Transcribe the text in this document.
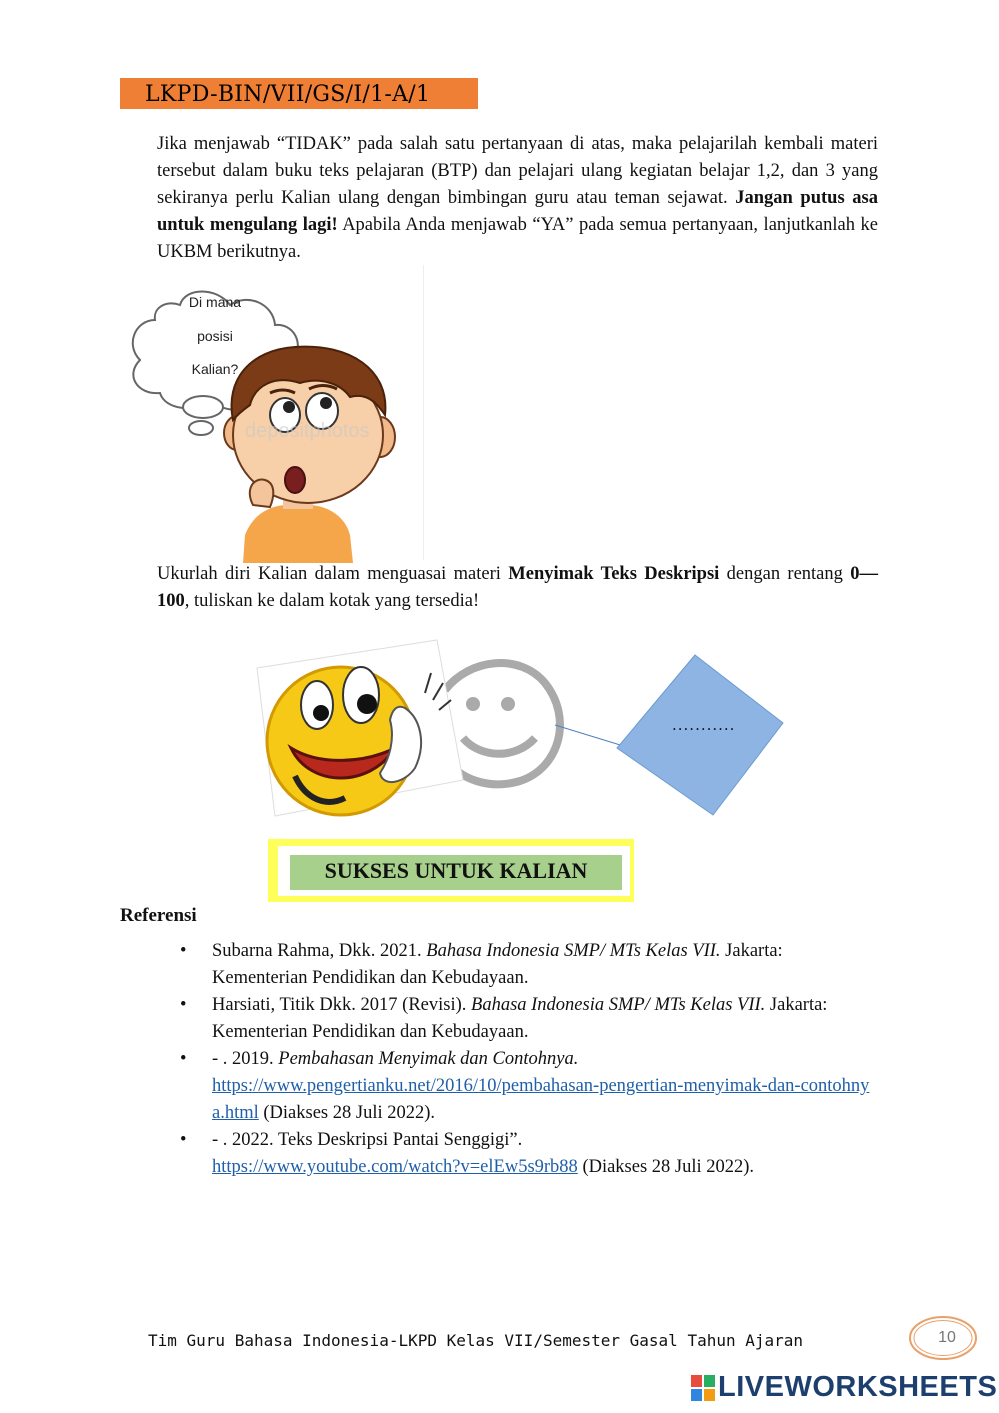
LKPD-BIN/VII/GS/I/1-A/1
Jika menjawab “TIDAK” pada salah satu pertanyaan di atas, maka pelajarilah kembali materi tersebut dalam buku teks pelajaran (BTP) dan pelajari ulang kegiatan belajar 1,2, dan 3 yang sekiranya perlu Kalian ulang dengan bimbingan guru atau teman sejawat. Jangan putus asa untuk mengulang lagi! Apabila Anda menjawab “YA” pada semua pertanyaan, lanjutkanlah ke UKBM berikutnya.
Di mana
posisi
Kalian?
depositphotos
Ukurlah diri Kalian dalam menguasai materi Menyimak Teks Deskripsi dengan rentang 0—100, tuliskan ke dalam kotak yang tersedia!
...........
SUKSES UNTUK KALIAN
Referensi
• Subarna Rahma, Dkk. 2021. Bahasa Indonesia SMP/ MTs Kelas VII. Jakarta: Kementerian Pendidikan dan Kebudayaan.
• Harsiati, Titik Dkk. 2017 (Revisi). Bahasa Indonesia SMP/ MTs Kelas VII. Jakarta: Kementerian Pendidikan dan Kebudayaan.
• - . 2019. Pembahasan Menyimak dan Contohnya.
https://www.pengertianku.net/2016/10/pembahasan-pengertian-menyimak-dan-contohnya.html (Diakses 28 Juli 2022).
• - . 2022. Teks Deskripsi Pantai Senggigi”.
https://www.youtube.com/watch?v=elEw5s9rb88 (Diakses 28 Juli 2022).
Tim Guru Bahasa Indonesia-LKPD Kelas VII/Semester Gasal Tahun Ajaran	10
LIVEWORKSHEETS
